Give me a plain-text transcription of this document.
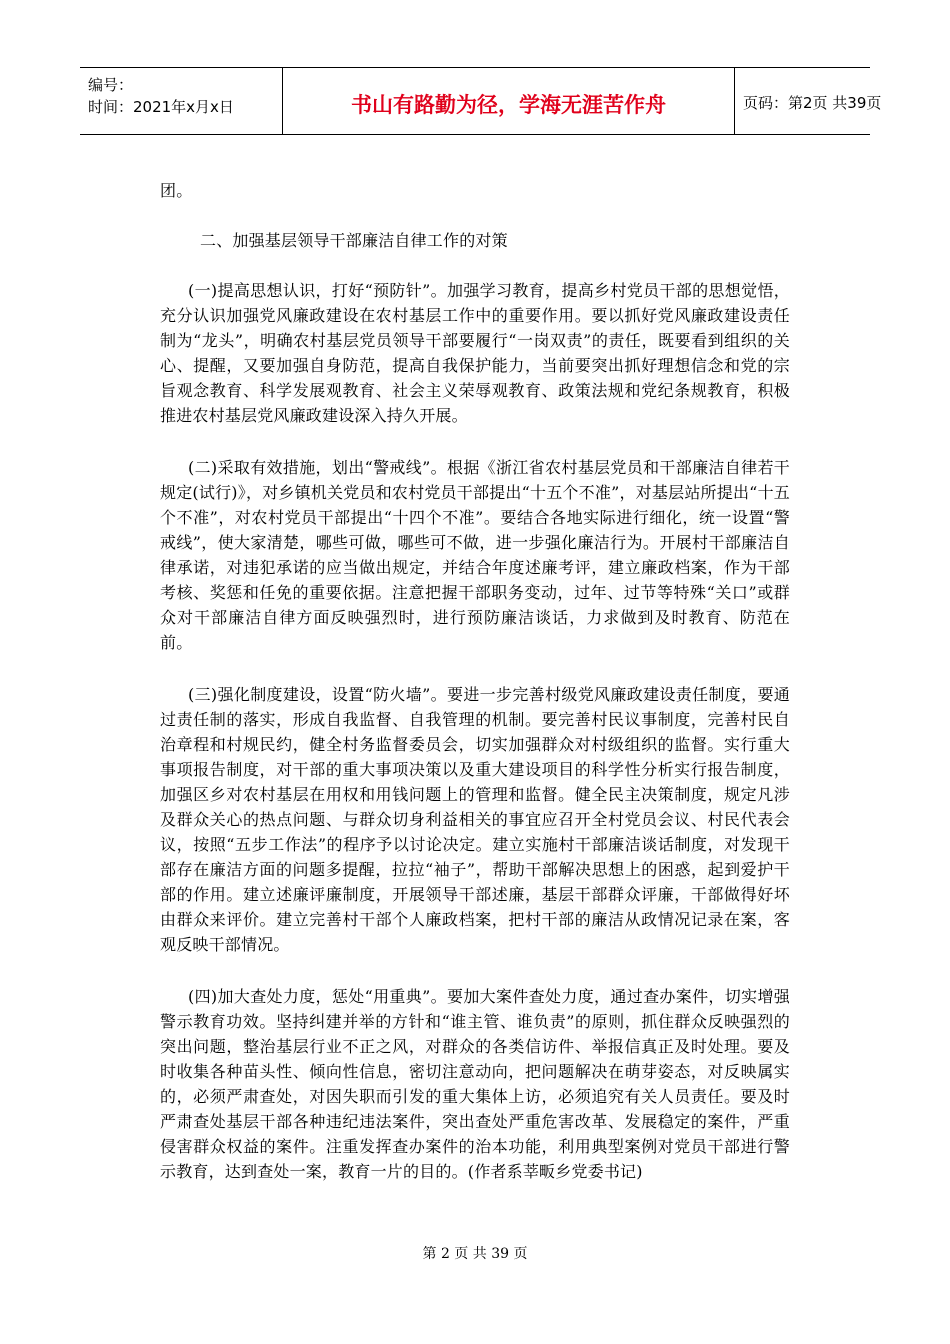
编号：
时间：2021年x月x日	书山有路勤为径，学海无涯苦作舟	页码：第2页 共39页

团。

二、加强基层领导干部廉洁自律工作的对策

(一)提高思想认识，打好“预防针”。加强学习教育，提高乡村党员干部的思想觉悟，充分认识加强党风廉政建设在农村基层工作中的重要作用。要以抓好党风廉政建设责任制为“龙头”，明确农村基层党员领导干部要履行“一岗双责”的责任，既要看到组织的关心、提醒，又要加强自身防范，提高自我保护能力，当前要突出抓好理想信念和党的宗旨观念教育、科学发展观教育、社会主义荣辱观教育、政策法规和党纪条规教育，积极推进农村基层党风廉政建设深入持久开展。

(二)采取有效措施，划出“警戒线”。根据《浙江省农村基层党员和干部廉洁自律若干规定(试行)》，对乡镇机关党员和农村党员干部提出“十五个不准”，对基层站所提出“十五个不准”，对农村党员干部提出“十四个不准”。要结合各地实际进行细化，统一设置“警戒线”，使大家清楚，哪些可做，哪些可不做，进一步强化廉洁行为。开展村干部廉洁自律承诺，对违犯承诺的应当做出规定，并结合年度述廉考评，建立廉政档案，作为干部考核、奖惩和任免的重要依据。注意把握干部职务变动，过年、过节等特殊“关口”或群众对干部廉洁自律方面反映强烈时，进行预防廉洁谈话，力求做到及时教育、防范在前。

(三)强化制度建设，设置“防火墙”。要进一步完善村级党风廉政建设责任制度，要通过责任制的落实，形成自我监督、自我管理的机制。要完善村民议事制度，完善村民自治章程和村规民约，健全村务监督委员会，切实加强群众对村级组织的监督。实行重大事项报告制度，对干部的重大事项决策以及重大建设项目的科学性分析实行报告制度，加强区乡对农村基层在用权和用钱问题上的管理和监督。健全民主决策制度，规定凡涉及群众关心的热点问题、与群众切身利益相关的事宜应召开全村党员会议、村民代表会议，按照“五步工作法”的程序予以讨论决定。建立实施村干部廉洁谈话制度，对发现干部存在廉洁方面的问题多提醒，拉拉“袖子”，帮助干部解决思想上的困惑，起到爱护干部的作用。建立述廉评廉制度，开展领导干部述廉，基层干部群众评廉，干部做得好坏由群众来评价。建立完善村干部个人廉政档案，把村干部的廉洁从政情况记录在案，客观反映干部情况。

(四)加大查处力度，惩处“用重典”。要加大案件查处力度，通过查办案件，切实增强警示教育功效。坚持纠建并举的方针和“谁主管、谁负责”的原则，抓住群众反映强烈的突出问题，整治基层行业不正之风，对群众的各类信访件、举报信真正及时处理。要及时收集各种苗头性、倾向性信息，密切注意动向，把问题解决在萌芽姿态，对反映属实的，必须严肃查处，对因失职而引发的重大集体上访，必须追究有关人员责任。要及时严肃查处基层干部各种违纪违法案件，突出查处严重危害改革、发展稳定的案件，严重侵害群众权益的案件。注重发挥查办案件的治本功能，利用典型案例对党员干部进行警示教育，达到查处一案，教育一片的目的。(作者系莘畈乡党委书记)

第 2 页 共 39 页
